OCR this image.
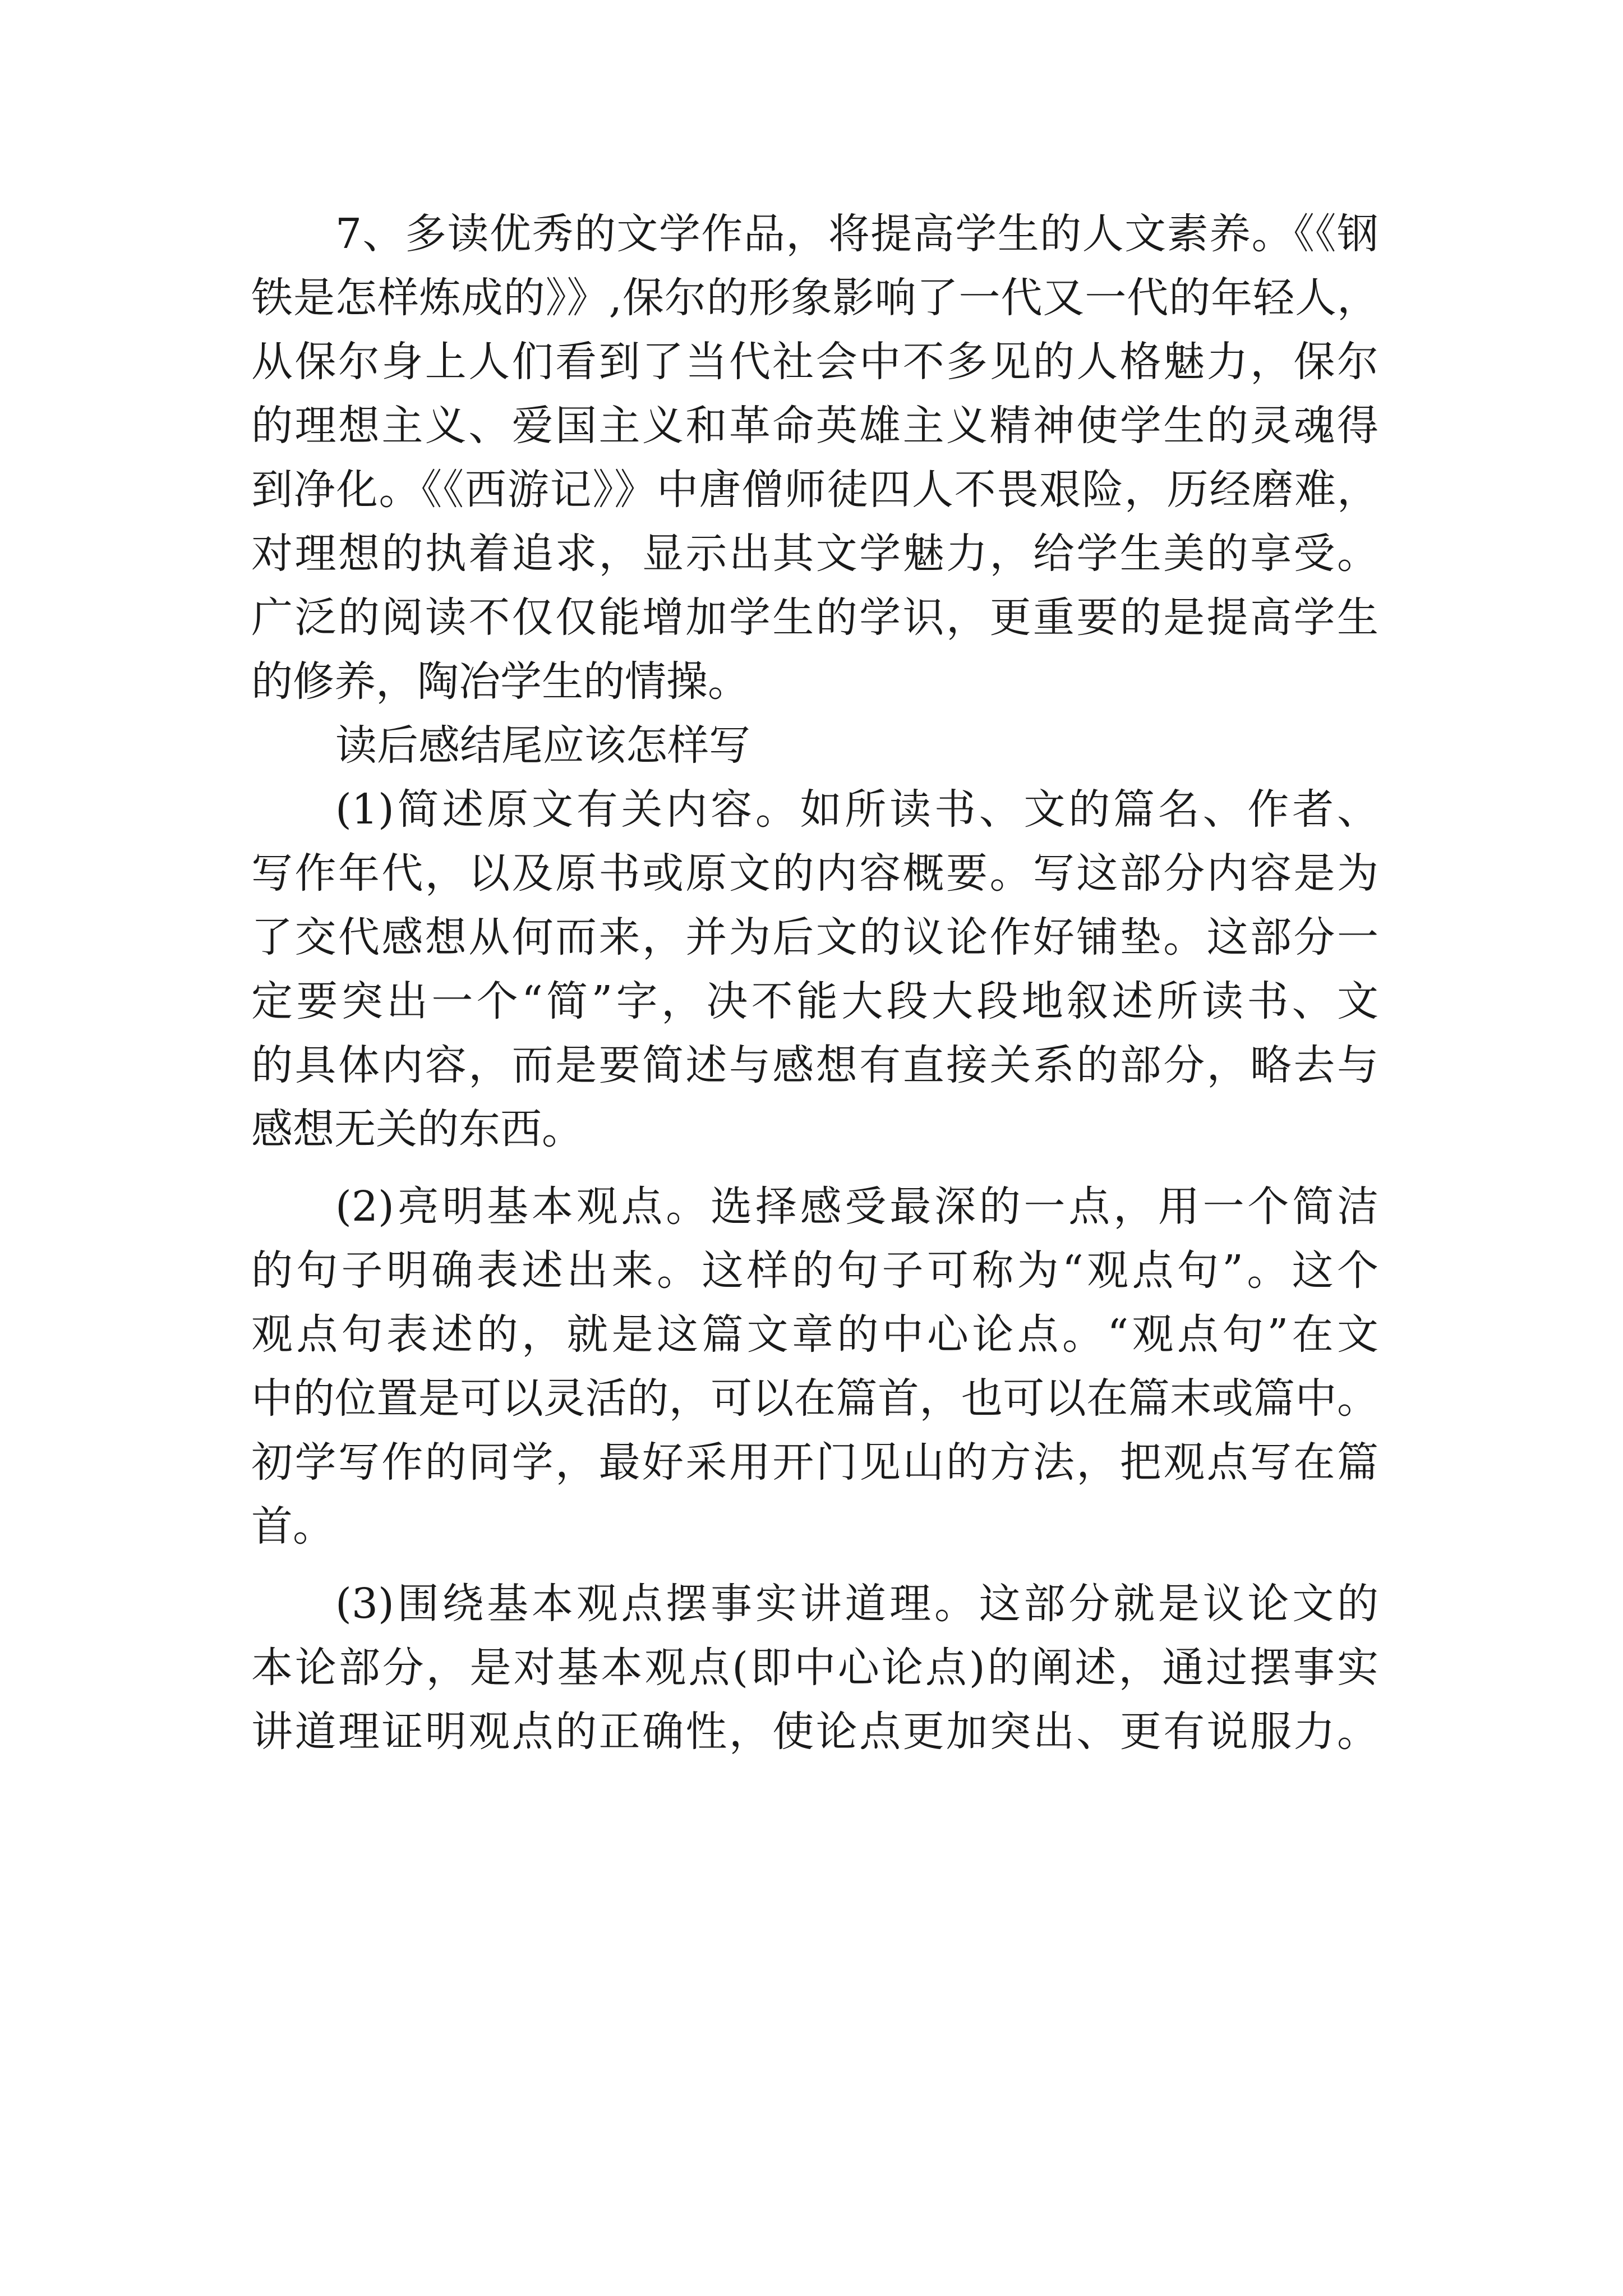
7、多读优秀的文学作品，将提高学生的人文素养。《《钢
铁是怎样炼成的》》,保尔的形象影响了一代又一代的年轻人，
从保尔身上人们看到了当代社会中不多见的人格魅力，保尔
的理想主义、爱国主义和革命英雄主义精神使学生的灵魂得
到净化。《《西游记》》中唐僧师徒四人不畏艰险，历经磨难，
对理想的执着追求，显示出其文学魅力，给学生美的享受。
广泛的阅读不仅仅能增加学生的学识，更重要的是提高学生
的修养，陶冶学生的情操。
读后感结尾应该怎样写
(1)简述原文有关内容。如所读书、文的篇名、作者、
写作年代，以及原书或原文的内容概要。写这部分内容是为
了交代感想从何而来，并为后文的议论作好铺垫。这部分一
定要突出一个“简”字，决不能大段大段地叙述所读书、文
的具体内容，而是要简述与感想有直接关系的部分，略去与
感想无关的东西。
(2)亮明基本观点。选择感受最深的一点，用一个简洁
的句子明确表述出来。这样的句子可称为“观点句”。这个
观点句表述的，就是这篇文章的中心论点。“观点句”在文
中的位置是可以灵活的，可以在篇首，也可以在篇末或篇中。
初学写作的同学，最好采用开门见山的方法，把观点写在篇
首。
(3)围绕基本观点摆事实讲道理。这部分就是议论文的
本论部分，是对基本观点(即中心论点)的阐述，通过摆事实
讲道理证明观点的正确性，使论点更加突出、更有说服力。
